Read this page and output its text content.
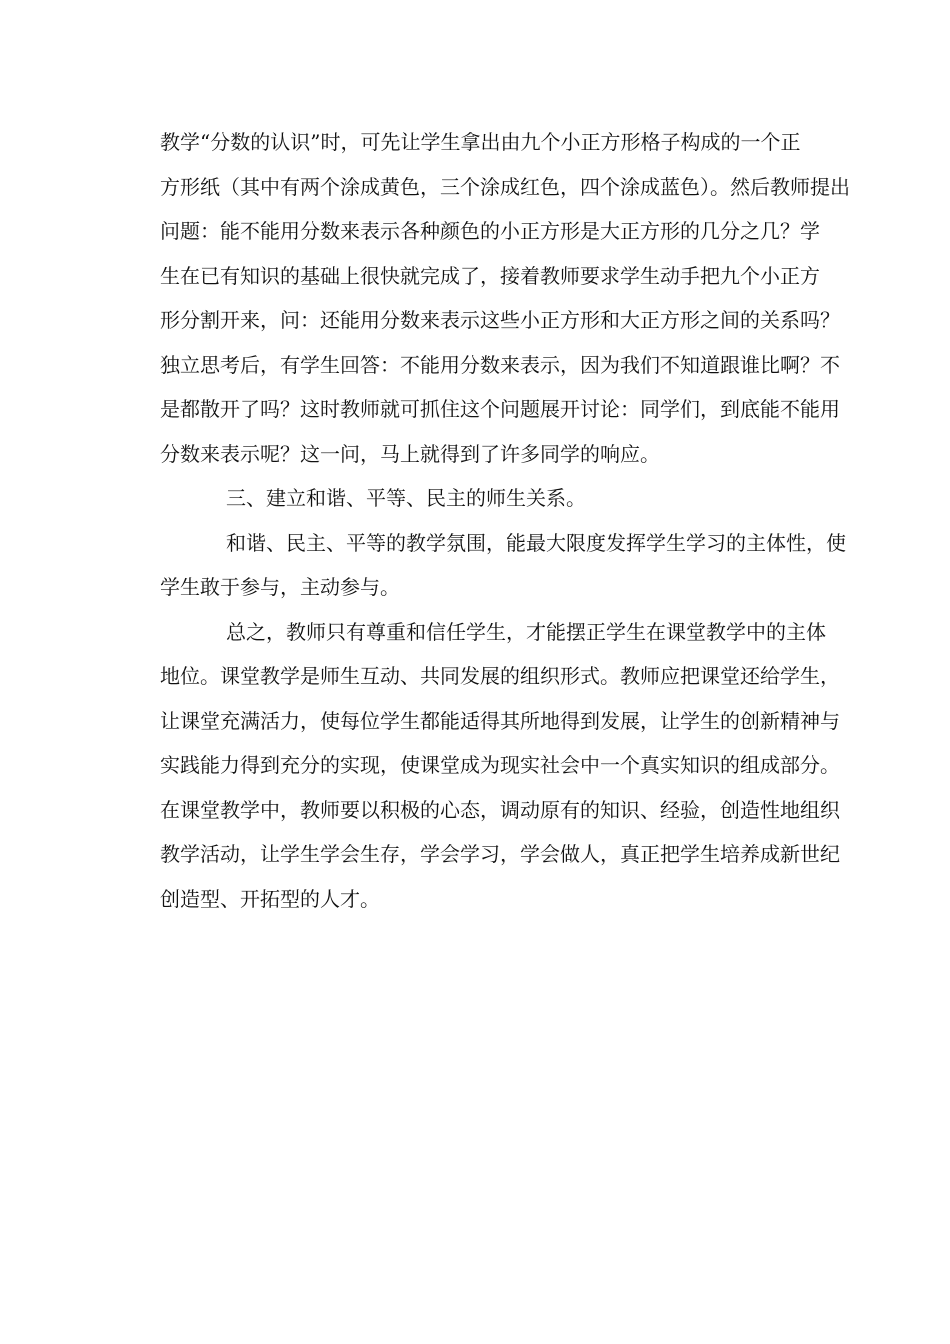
教学“分数的认识”时，可先让学生拿出由九个小正方形格子构成的一个正
方形纸（其中有两个涂成黄色，三个涂成红色，四个涂成蓝色）。然后教师提出
问题：能不能用分数来表示各种颜色的小正方形是大正方形的几分之几？学
生在已有知识的基础上很快就完成了，接着教师要求学生动手把九个小正方
形分割开来，问：还能用分数来表示这些小正方形和大正方形之间的关系吗？
独立思考后，有学生回答：不能用分数来表示，因为我们不知道跟谁比啊？不
是都散开了吗？这时教师就可抓住这个问题展开讨论：同学们，到底能不能用
分数来表示呢？这一问，马上就得到了许多同学的响应。
三、建立和谐、平等、民主的师生关系。
和谐、民主、平等的教学氛围，能最大限度发挥学生学习的主体性，使
学生敢于参与，主动参与。
总之，教师只有尊重和信任学生，才能摆正学生在课堂教学中的主体
地位。课堂教学是师生互动、共同发展的组织形式。教师应把课堂还给学生，
让课堂充满活力，使每位学生都能适得其所地得到发展，让学生的创新精神与
实践能力得到充分的实现，使课堂成为现实社会中一个真实知识的组成部分。
在课堂教学中，教师要以积极的心态，调动原有的知识、经验，创造性地组织
教学活动，让学生学会生存，学会学习，学会做人，真正把学生培养成新世纪
创造型、开拓型的人才。
